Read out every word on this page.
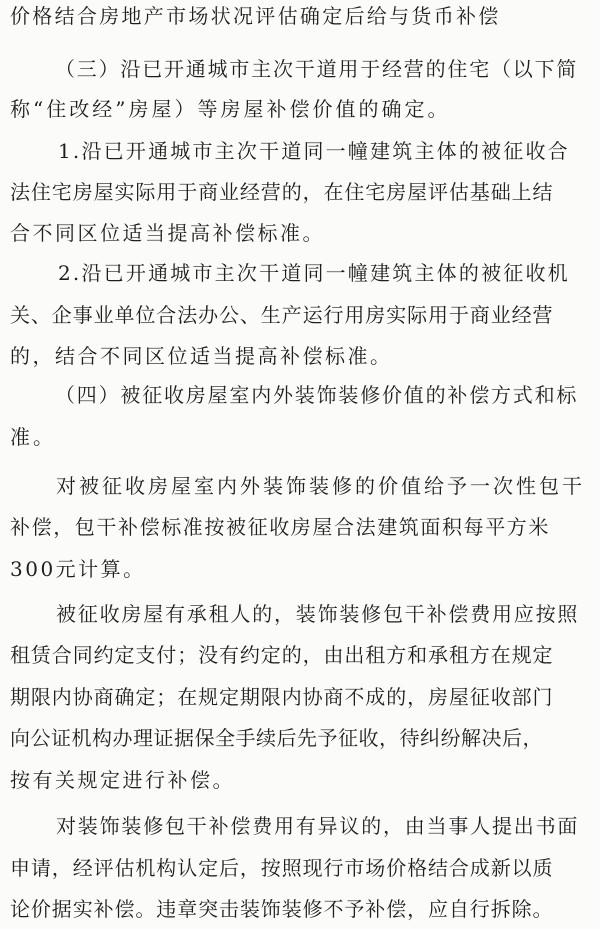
价格结合房地产市场状况评估确定后给与货币补偿
（三）沿已开通城市主次干道用于经营的住宅（以下简
称“住改经”房屋）等房屋补偿价值的确定。
1.沿已开通城市主次干道同一幢建筑主体的被征收合
法住宅房屋实际用于商业经营的，在住宅房屋评估基础上结
合不同区位适当提高补偿标准。
2.沿已开通城市主次干道同一幢建筑主体的被征收机
关、企事业单位合法办公、生产运行用房实际用于商业经营
的，结合不同区位适当提高补偿标准。
（四）被征收房屋室内外装饰装修价值的补偿方式和标
准。
对被征收房屋室内外装饰装修的价值给予一次性包干
补偿，包干补偿标准按被征收房屋合法建筑面积每平方米
300元计算。
被征收房屋有承租人的，装饰装修包干补偿费用应按照
租赁合同约定支付；没有约定的，由出租方和承租方在规定
期限内协商确定；在规定期限内协商不成的，房屋征收部门
向公证机构办理证据保全手续后先予征收，待纠纷解决后，
按有关规定进行补偿。
对装饰装修包干补偿费用有异议的，由当事人提出书面
申请，经评估机构认定后，按照现行市场价格结合成新以质
论价据实补偿。违章突击装饰装修不予补偿，应自行拆除。
